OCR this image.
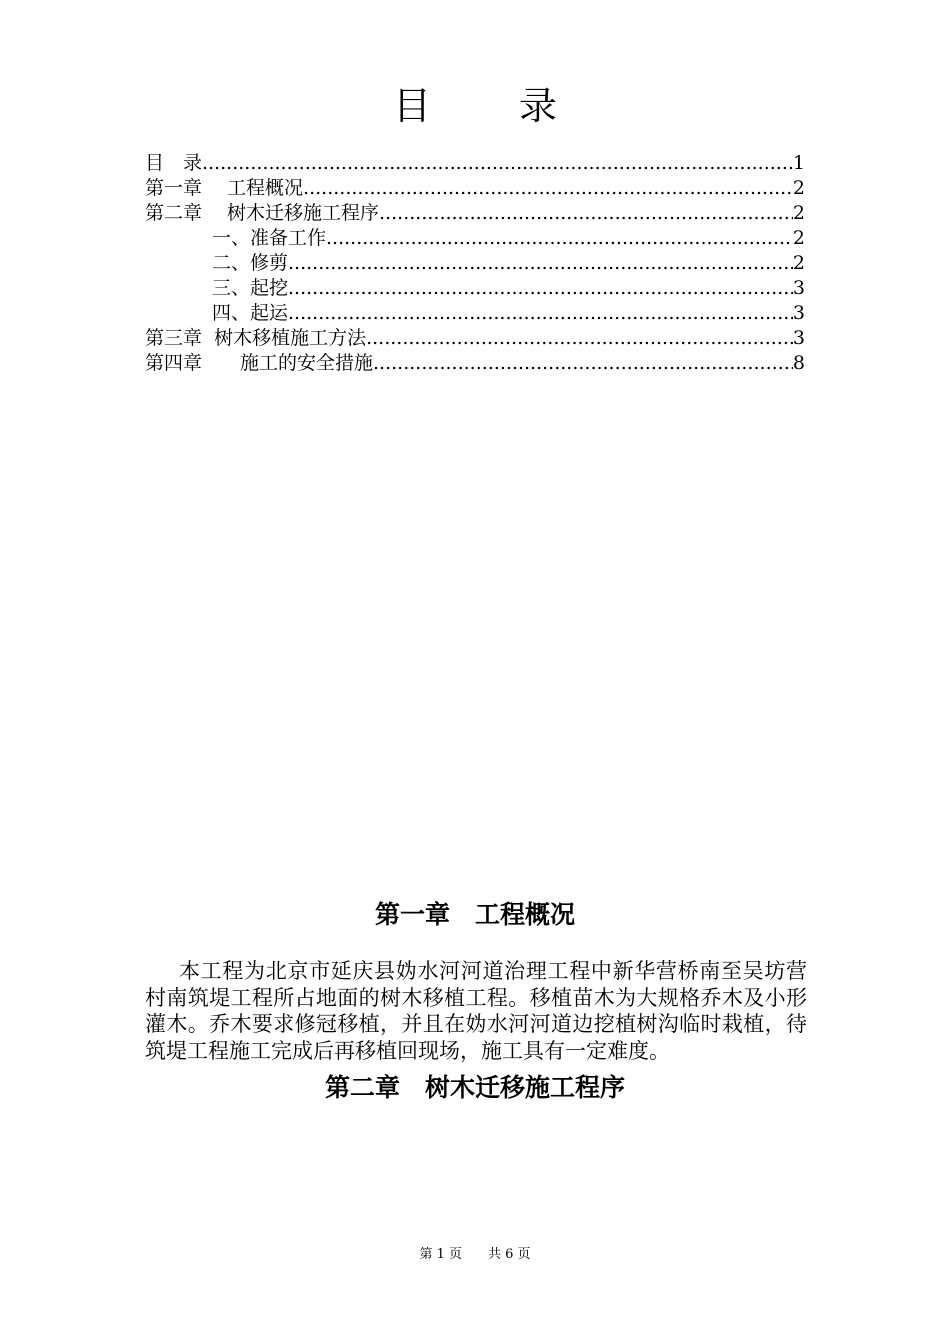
目 录
目　录 .....	1
第一章　 工程概况 .....	2
第二章　 树木迁移施工程序 .....	2
一、准备工作 .....	2
二、修剪 .....	2
三、起挖 .....	3
四、起运 .....	3
第三章  树木移植施工方法 .....	3
第四章　　施工的安全措施 .....	8
第一章　工程概况

本工程为北京市延庆县妫水河河道治理工程中新华营桥南至吴坊营村南筑堤工程所占地面的树木移植工程。移植苗木为大规格乔木及小形灌木。乔木要求修冠移植，并且在妫水河河道边挖植树沟临时栽植，待筑堤工程施工完成后再移植回现场，施工具有一定难度。

第二章　树木迁移施工程序
第 1 页　　共 6 页
